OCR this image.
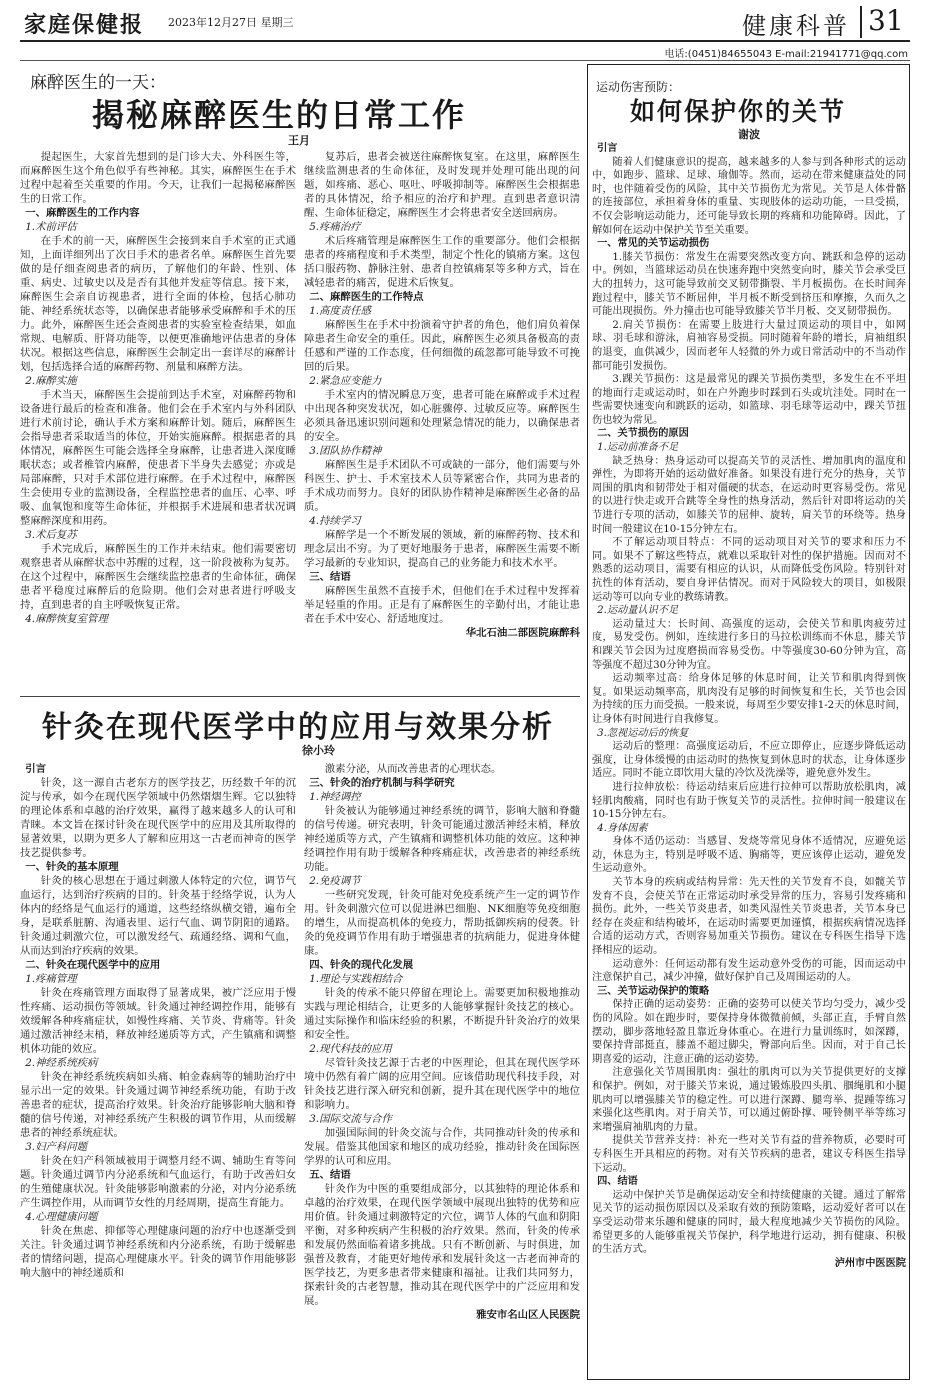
家庭保健报 2023年12月27日 星期三	健康科普 31
电话:(0451)84655043 E-mail:21941771@qq.com
麻醉医生的一天：
揭秘麻醉医生的日常工作
王月

提起医生，大家首先想到的是门诊大夫、外科医生等，而麻醉医生这个角色似乎有些神秘。其实，麻醉医生在手术过程中起着至关重要的作用。今天，让我们一起揭秘麻醉医生的日常工作。

一、麻醉医生的工作内容

1.术前评估

在手术的前一天，麻醉医生会接到来自手术室的正式通知，上面详细列出了次日手术的患者名单。麻醉医生首先要做的是仔细查阅患者的病历，了解他们的年龄、性别、体重、病史、过敏史以及是否有其他并发症等信息。接下来，麻醉医生会亲自访视患者，进行全面的体检，包括心肺功能、神经系统状态等，以确保患者能够承受麻醉和手术的压力。此外，麻醉医生还会查阅患者的实验室检查结果，如血常规、电解质、肝肾功能等，以便更准确地评估患者的身体状况。根据这些信息，麻醉医生会制定出一套详尽的麻醉计划，包括选择合适的麻醉药物、剂量和麻醉方法。

2.麻醉实施

手术当天，麻醉医生会提前到达手术室，对麻醉药物和设备进行最后的检查和准备。他们会在手术室内与外科团队进行术前讨论，确认手术方案和麻醉计划。随后，麻醉医生会指导患者采取适当的体位，开始实施麻醉。根据患者的具体情况，麻醉医生可能会选择全身麻醉，让患者进入深度睡眠状态；或者椎管内麻醉，使患者下半身失去感觉；亦或是局部麻醉，只对手术部位进行麻醉。在手术过程中，麻醉医生会使用专业的监测设备，全程监控患者的血压、心率、呼吸、血氧饱和度等生命体征，并根据手术进展和患者状况调整麻醉深度和用药。

3.术后复苏

手术完成后，麻醉医生的工作并未结束。他们需要密切观察患者从麻醉状态中苏醒的过程，这一阶段被称为复苏。在这个过程中，麻醉医生会继续监控患者的生命体征，确保患者平稳度过麻醉后的危险期。他们会对患者进行呼吸支持，直到患者的自主呼吸恢复正常。

4.麻醉恢复室管理

复苏后，患者会被送往麻醉恢复室。在这里，麻醉医生继续监测患者的生命体征，及时发现并处理可能出现的问题，如疼痛、恶心、呕吐、呼吸抑制等。麻醉医生会根据患者的具体情况，给予相应的治疗和护理。直到患者意识清醒、生命体征稳定，麻醉医生才会将患者安全送回病房。

5.疼痛治疗

术后疼痛管理是麻醉医生工作的重要部分。他们会根据患者的疼痛程度和手术类型，制定个性化的镇痛方案。这包括口服药物、静脉注射、患者自控镇痛泵等多种方式，旨在减轻患者的痛苦，促进术后恢复。

二、麻醉医生的工作特点

1.高度责任感

麻醉医生在手术中扮演着守护者的角色，他们肩负着保障患者生命安全的重任。因此，麻醉医生必须具备极高的责任感和严谨的工作态度，任何细微的疏忽都可能导致不可挽回的后果。

2.紧急应变能力

手术室内的情况瞬息万变，患者可能在麻醉或手术过程中出现各种突发状况，如心脏骤停、过敏反应等。麻醉医生必须具备迅速识别问题和处理紧急情况的能力，以确保患者的安全。

3.团队协作精神

麻醉医生是手术团队不可或缺的一部分，他们需要与外科医生、护士、手术室技术人员等紧密合作，共同为患者的手术成功而努力。良好的团队协作精神是麻醉医生必备的品质。

4.持续学习

麻醉学是一个不断发展的领域，新的麻醉药物、技术和理念层出不穷。为了更好地服务于患者，麻醉医生需要不断学习最新的专业知识，提高自己的业务能力和技术水平。

三、结语

麻醉医生虽然不直接手术，但他们在手术过程中发挥着举足轻重的作用。正是有了麻醉医生的辛勤付出，才能让患者在手术中安心、舒适地度过。

华北石油二部医院麻醉科

针灸在现代医学中的应用与效果分析
徐小玲

引言

针灸，这一源自古老东方的医学技艺，历经数千年的沉淀与传承，如今在现代医学领域中仍然熠熠生辉。它以独特的理论体系和卓越的治疗效果，赢得了越来越多人的认可和青睐。本文旨在探讨针灸在现代医学中的应用及其所取得的显著效果，以期为更多人了解和应用这一古老而神奇的医学技艺提供参考。

一、针灸的基本原理

针灸的核心思想在于通过刺激人体特定的穴位，调节气血运行，达到治疗疾病的目的。针灸基于经络学说，认为人体内的经络是气血运行的通道，这些经络纵横交错，遍布全身，是联系脏腑、沟通表里、运行气血、调节阴阳的通路。针灸通过刺激穴位，可以激发经气、疏通经络、调和气血，从而达到治疗疾病的效果。

二、针灸在现代医学中的应用

1.疼痛管理

针灸在疼痛管理方面取得了显著成果，被广泛应用于慢性疼痛、运动损伤等领域。针灸通过神经调控作用，能够有效缓解各种疼痛症状，如慢性疼痛、关节炎、背痛等。针灸通过激活神经末梢，释放神经递质等方式，产生镇痛和调整机体功能的效应。

2.神经系统疾病

针灸在神经系统疾病如头痛、帕金森病等的辅助治疗中显示出一定的效果。针灸通过调节神经系统功能，有助于改善患者的症状，提高治疗效果。针灸治疗能够影响大脑和脊髓的信号传递，对神经系统产生积极的调节作用，从而缓解患者的神经系统症状。

3.妇产科问题

针灸在妇产科领域被用于调整月经不调、辅助生育等问题。针灸通过调节内分泌系统和气血运行，有助于改善妇女的生殖健康状况。针灸能够影响激素的分泌，对内分泌系统产生调控作用，从而调节女性的月经周期，提高生育能力。

4.心理健康问题

针灸在焦虑、抑郁等心理健康问题的治疗中也逐渐受到关注。针灸通过调节神经系统和内分泌系统，有助于缓解患者的情绪问题，提高心理健康水平。针灸的调节作用能够影响大脑中的神经递质和

激素分泌，从而改善患者的心理状态。

三、针灸的治疗机制与科学研究

1.神经调控

针灸被认为能够通过神经系统的调节，影响大脑和脊髓的信号传递。研究表明，针灸可能通过激活神经末梢，释放神经递质等方式，产生镇痛和调整机体功能的效应。这种神经调控作用有助于缓解各种疼痛症状，改善患者的神经系统功能。

2.免疫调节

一些研究发现，针灸可能对免疫系统产生一定的调节作用。针灸刺激穴位可以促进淋巴细胞、NK细胞等免疫细胞的增生，从而提高机体的免疫力，帮助抵御疾病的侵袭。针灸的免疫调节作用有助于增强患者的抗病能力，促进身体健康。

四、针灸的现代化发展

1.理论与实践相结合

针灸的传承不能只停留在理论上。需要更加积极地推动实践与理论相结合，让更多的人能够掌握针灸技艺的核心。通过实际操作和临床经验的积累，不断提升针灸治疗的效果和安全性。

2.现代科技的应用

尽管针灸技艺源于古老的中医理论，但其在现代医学环境中仍然有着广阔的应用空间。应该借助现代科技手段，对针灸技艺进行深入研究和创新，提升其在现代医学中的地位和影响力。

3.国际交流与合作

加强国际间的针灸交流与合作，共同推动针灸的传承和发展。借鉴其他国家和地区的成功经验，推动针灸在国际医学界的认可和应用。

五、结语

针灸作为中医的重要组成部分，以其独特的理论体系和卓越的治疗效果，在现代医学领域中展现出独特的优势和应用价值。针灸通过刺激特定的穴位，调节人体的气血和阴阳平衡，对多种疾病产生积极的治疗效果。然而，针灸的传承和发展仍然面临着诸多挑战。只有不断创新、与时俱进，加强普及教育，才能更好地传承和发展针灸这一古老而神奇的医学技艺，为更多患者带来健康和福祉。让我们共同努力，探索针灸的古老智慧，推动其在现代医学中的广泛应用和发展。

雅安市名山区人民医院

运动伤害预防：
如何保护你的关节
谢波

引言

随着人们健康意识的提高，越来越多的人参与到各种形式的运动中，如跑步、篮球、足球、瑜伽等。然而，运动在带来健康益处的同时，也伴随着受伤的风险，其中关节损伤尤为常见。关节是人体骨骼的连接部位，承担着身体的重量、实现肢体的运动功能，一旦受损，不仅会影响运动能力，还可能导致长期的疼痛和功能障碍。因此，了解如何在运动中保护关节至关重要。

一、常见的关节运动损伤

1.膝关节损伤：常发生在需要突然改变方向、跳跃和急停的运动中。例如，当篮球运动员在快速奔跑中突然变向时，膝关节会承受巨大的扭转力，这可能导致前交叉韧带撕裂、半月板损伤。在长时间奔跑过程中，膝关节不断屈伸，半月板不断受到挤压和摩擦，久而久之可能出现损伤。外力撞击也可能导致膝关节半月板、交叉韧带损伤。

2.肩关节损伤：在需要上肢进行大量过顶运动的项目中，如网球、羽毛球和游泳，肩袖容易受损。同时随着年龄的增长，肩袖组织的退变，血供减少，因而老年人轻微的外力或日常活动中的不当动作都可能引发损伤。

3.踝关节损伤：这是最常见的踝关节损伤类型，多发生在不平坦的地面行走或运动时，如在户外跑步时踩到石头或坑洼处。同时在一些需要快速变向和跳跃的运动，如篮球、羽毛球等运动中，踝关节扭伤也较为常见。

二、关节损伤的原因

1.运动前准备不足

缺乏热身：热身运动可以提高关节的灵活性、增加肌肉的温度和弹性，为即将开始的运动做好准备。如果没有进行充分的热身，关节周围的肌肉和韧带处于相对僵硬的状态，在运动时更容易受伤。常见的以进行快走或开合跳等全身性的热身活动，然后针对即将运动的关节进行专项的活动，如膝关节的屈伸、旋转，肩关节的环绕等。热身时间一般建议在10-15分钟左右。

不了解运动项目特点：不同的运动项目对关节的要求和压力不同。如果不了解这些特点，就难以采取针对性的保护措施。因而对不熟悉的运动项目，需要有相应的认识，从而降低受伤风险。特别针对抗性的体育活动，要自身评估情况。而对于风险较大的项目，如极限运动等可以向专业的教练请教。

2.运动量认识不足

运动量过大：长时间、高强度的运动，会使关节和肌肉疲劳过度，易发受伤。例如，连续进行多日的马拉松训练而不休息，膝关节和踝关节会因为过度磨损而容易受伤。中等强度30-60分钟为宜，高等强度不超过30分钟为宜。

运动频率过高：给身体足够的休息时间，让关节和肌肉得到恢复。如果运动频率高，肌肉没有足够的时间恢复和生长，关节也会因为持续的压力而受损。一般来说，每周至少要安排1-2天的休息时间，让身体有时间进行自我修复。

3.忽视运动后的恢复

运动后的整理：高强度运动后，不应立即停止，应逐步降低运动强度，让身体缓慢的由运动时的热恢复到休息时的状态，让身体逐步适应。同时不能立即饮用大量的冷饮及洗澡等，避免意外发生。

进行拉伸放松：待运动结束后应进行拉伸可以帮助放松肌肉，减轻肌肉酸痛，同时也有助于恢复关节的灵活性。拉伸时间一般建议在10-15分钟左右。

4.身体因素

身体不适仍运动：当感冒、发烧等常见身体不适情况，应避免运动，休息为主，特别是呼吸不适、胸痛等，更应该停止运动，避免发生运动意外。

关节本身的疾病或结构异常：先天性的关节发育不良，如髋关节发育不良，会使关节在正常运动时承受异常的压力，容易引发疼痛和损伤。此外，一些关节炎患者，如类风湿性关节炎患者，关节本身已经存在炎症和结构破坏，在运动时需要更加谨慎，根据疾病情况选择合适的运动方式，否则容易加重关节损伤。建议在专科医生指导下选择相应的运动。

运动意外：任何运动都有发生运动意外受伤的可能，因而运动中注意保护自己，减少冲撞，做好保护自己及周围运动的人。

三、关节运动保护的策略

保持正确的运动姿势：正确的姿势可以使关节均匀受力，减少受伤的风险。如在跑步时，要保持身体微微前倾，头部正直，手臂自然摆动，脚步落地轻盈且靠近身体重心。在进行力量训练时，如深蹲，要保持背部挺直，膝盖不超过脚尖，臀部向后坐。因而，对于自己长期喜爱的运动，注意正确的运动姿势。

注意强化关节周围肌肉：强壮的肌肉可以为关节提供更好的支撑和保护。例如，对于膝关节来说，通过锻炼股四头肌、腘绳肌和小腿肌肉可以增强膝关节的稳定性。可以进行深蹲、腿弯举、提踵等练习来强化这些肌肉。对于肩关节，可以通过俯卧撑、哑铃侧平举等练习来增强肩袖肌肉的力量。

提供关节营养支持：补充一些对关节有益的营养物质，必要时可专科医生开具相应的药物。对有关节疾病的患者，建议专科医生指导下运动。

四、结语

运动中保护关节是确保运动安全和持续健康的关键。通过了解常见关节的运动损伤原因以及采取有效的预防策略，运动爱好者可以在享受运动带来乐趣和健康的同时，最大程度地减少关节损伤的风险。希望更多的人能够重视关节保护，科学地进行运动，拥有健康、积极的生活方式。

泸州市中医医院
